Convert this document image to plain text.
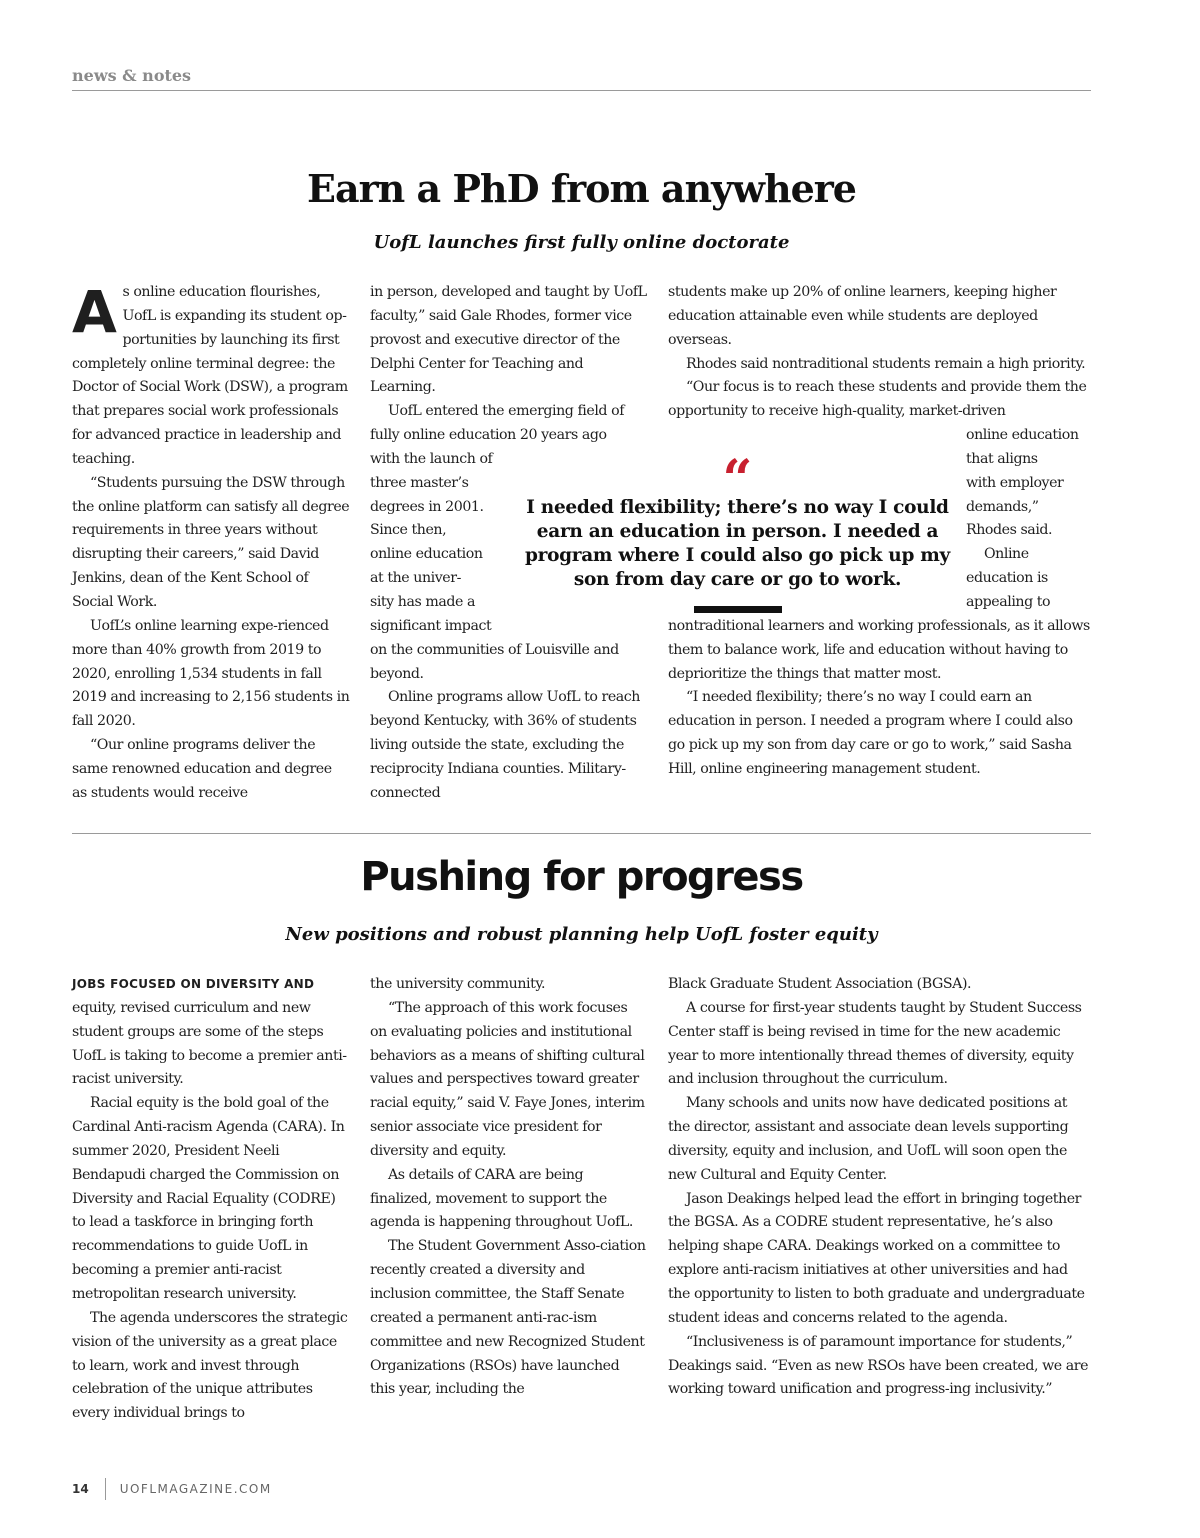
news & notes
Earn a PhD from anywhere
UofL launches first fully online doctorate

As online education flourishes, UofL is expanding its student op-portunities by launching its first completely online terminal degree: the Doctor of Social Work (DSW), a program that prepares social work professionals for advanced practice in leadership and teaching.

“Students pursuing the DSW through the online platform can satisfy all degree requirements in three years without disrupting their careers,” said David Jenkins, dean of the Kent School of Social Work.

UofL’s online learning expe-rienced more than 40% growth from 2019 to 2020, enrolling 1,534 students in fall 2019 and increasing to 2,156 students in fall 2020.

“Our online programs deliver the same renowned education and degree as students would receive

in person, developed and taught by UofL faculty,” said Gale Rhodes, former vice provost and executive director of the Delphi Center for Teaching and Learning.

UofL entered the emerging field of fully online education 20 years ago

with the launch of
three master’s
degrees in 2001.
Since then,
online education
at the univer-
sity has made a
significant impact

on the communities of Louisville and beyond.

Online programs allow UofL to reach beyond Kentucky, with 36% of students living outside the state, excluding the reciprocity Indiana counties. Military-connected

students make up 20% of online learners, keeping higher education attainable even while students are deployed overseas.

Rhodes said nontraditional students remain a high priority.

“Our focus is to reach these students and provide them the opportunity to receive high-quality, market-driven

online education
that aligns
with employer
demands,”
Rhodes said.
Online
education is
appealing to

nontraditional learners and working professionals, as it allows them to balance work, life and education without having to deprioritize the things that matter most.

“I needed flexibility; there’s no way I could earn an education in person. I needed a program where I could also go pick up my son from day care or go to work,” said Sasha Hill, online engineering management student.

“
I needed flexibility; there’s no way I could earn an education in person. I needed a program where I could also go pick up my son from day care or go to work.
Pushing for progress
New positions and robust planning help UofL foster equity

JOBS FOCUSED ON DIVERSITY AND equity, revised curriculum and new student groups are some of the steps UofL is taking to become a premier anti-racist university.

Racial equity is the bold goal of the Cardinal Anti-racism Agenda (CARA). In summer 2020, President Neeli Bendapudi charged the Commission on Diversity and Racial Equality (CODRE) to lead a taskforce in bringing forth recommendations to guide UofL in becoming a premier anti-racist metropolitan research university.

The agenda underscores the strategic vision of the university as a great place to learn, work and invest through celebration of the unique attributes every individual brings to

the university community.

“The approach of this work focuses on evaluating policies and institutional behaviors as a means of shifting cultural values and perspectives toward greater racial equity,” said V. Faye Jones, interim senior associate vice president for diversity and equity.

As details of CARA are being finalized, movement to support the agenda is happening throughout UofL.

The Student Government Asso-ciation recently created a diversity and inclusion committee, the Staff Senate created a permanent anti-rac-ism committee and new Recognized Student Organizations (RSOs) have launched this year, including the

Black Graduate Student Association (BGSA).

A course for first-year students taught by Student Success Center staff is being revised in time for the new academic year to more intentionally thread themes of diversity, equity and inclusion throughout the curriculum.

Many schools and units now have dedicated positions at the director, assistant and associate dean levels supporting diversity, equity and inclusion, and UofL will soon open the new Cultural and Equity Center.

Jason Deakings helped lead the effort in bringing together the BGSA. As a CODRE student representative, he’s also helping shape CARA. Deakings worked on a committee to explore anti-racism initiatives at other universities and had the opportunity to listen to both graduate and undergraduate student ideas and concerns related to the agenda.

“Inclusiveness is of paramount importance for students,” Deakings said. “Even as new RSOs have been created, we are working toward unification and progress-ing inclusivity.”

14	UOFLMAGAZINE.COM
